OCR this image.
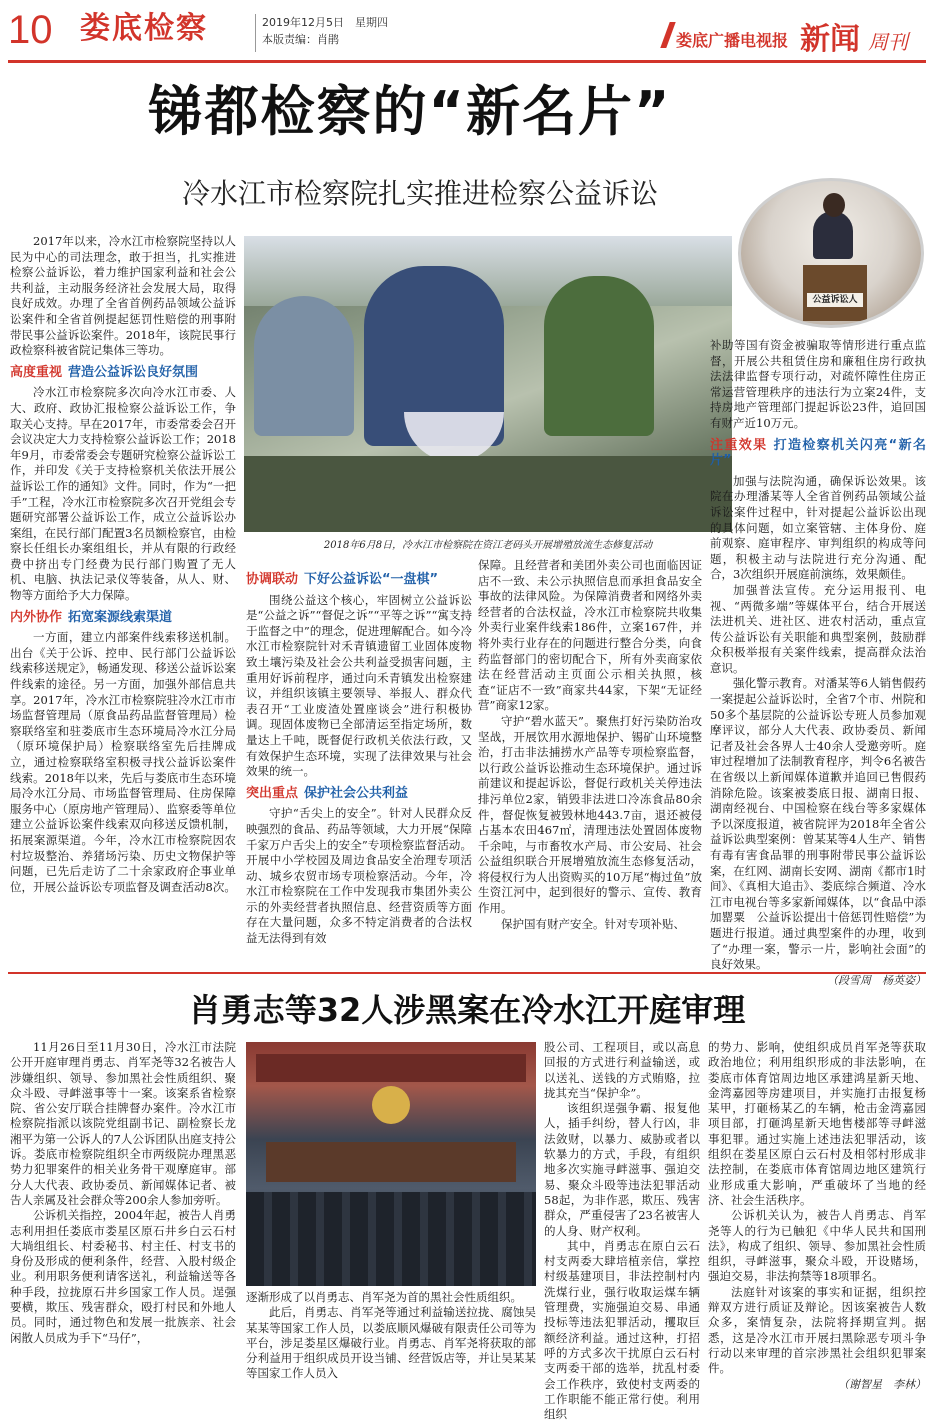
10 娄底检察	2019年12月5日　星期四
本版责编：肖鹃	娄底广播电视报 新闻 周刊
锑都检察的“新名片”
冷水江市检察院扎实推进检察公益诉讼
公益诉讼人
2018年6月8日，冷水江市检察院在资江老码头开展增殖放流生态修复活动

2017年以来，冷水江市检察院坚持以人民为中心的司法理念，敢于担当，扎实推进检察公益诉讼，着力维护国家利益和社会公共利益，主动服务经济社会发展大局，取得良好成效。办理了全省首例药品领域公益诉讼案件和全省首例提起惩罚性赔偿的刑事附带民事公益诉讼案件。2018年，该院民事行政检察科被省院记集体三等功。

高度重视 营造公益诉讼良好氛围

冷水江市检察院多次向冷水江市委、人大、政府、政协汇报检察公益诉讼工作，争取关心支持。早在2017年，市委常委会召开会议决定大力支持检察公益诉讼工作；2018年9月，市委常委会专题研究检察公益诉讼工作，并印发《关于支持检察机关依法开展公益诉讼工作的通知》文件。同时，作为“一把手”工程，冷水江市检察院多次召开党组会专题研究部署公益诉讼工作，成立公益诉讼办案组，在民行部门配置3名员额检察官，由检察长任组长办案组组长，并从有限的行政经费中挤出专门经费为民行部门购置了无人机、电脑、执法记录仪等装备，从人、财、物等方面给予大力保障。

内外协作 拓宽案源线索渠道

一方面，建立内部案件线索移送机制。出台《关于公诉、控申、民行部门公益诉讼线索移送规定》，畅通发现、移送公益诉讼案件线索的途径。另一方面，加强外部信息共享。2017年，冷水江市检察院驻冷水江市市场监督管理局（原食品药品监督管理局）检察联络室和驻娄底市生态环境局冷水江分局（原环境保护局）检察联络室先后挂牌成立，通过检察联络室积极寻找公益诉讼案件线索。2018年以来，先后与娄底市生态环境局冷水江分局、市场监督管理局、住房保障服务中心（原房地产管理局）、监察委等单位建立公益诉讼案件线索双向移送反馈机制，拓展案源渠道。今年，冷水江市检察院因农村垃圾整治、养猪场污染、历史文物保护等问题，已先后走访了二十余家政府企事业单位，开展公益诉讼专项监督及调查活动8次。

协调联动 下好公益诉讼“一盘棋”

围绕公益这个核心，牢固树立公益诉讼是“公益之诉”“督促之诉”“平等之诉”“寓支持于监督之中”的理念，促进理解配合。如今冷水江市检察院针对禾青镇遗留工业固体废物致土壤污染及社会公共利益受损害问题，主重用好诉前程序，通过向禾青镇发出检察建议，并组织该镇主要领导、举报人、群众代表召开“工业废渣处置座谈会”进行积极协调。现固体废物已全部清运至指定场所，数量达上千吨，既督促行政机关依法行政，又有效保护生态环境，实现了法律效果与社会效果的统一。

突出重点 保护社会公共利益

守护“舌尖上的安全”。针对人民群众反映强烈的食品、药品等领域，大力开展“保障千家万户舌尖上的安全”专项检察监督活动。开展中小学校园及周边食品安全治理专项活动、城乡农贸市场专项检察活动。今年，冷水江市检察院在工作中发现我市集团外卖公示的外卖经营者执照信息、经营资质等方面存在大量问题，众多不特定消费者的合法权益无法得到有效

保障。且经营者和美团外卖公司也面临因证店不一致、未公示执照信息而承担食品安全事故的法律风险。为保障消费者和网络外卖经营者的合法权益，冷水江市检察院共收集外卖行业案件线索186件，立案167件，并将外卖行业存在的问题进行整合分类，向食药监督部门的密切配合下，所有外卖商家依法在经营活动主页面公示相关执照，核查“证店不一致”商家共44家，下架“无证经营”商家12家。

守护“碧水蓝天”。聚焦打好污染防治攻坚战，开展饮用水源地保护、锡矿山环境整治，打击非法捕捞水产品等专项检察监督，以行政公益诉讼推动生态环境保护。通过诉前建议和提起诉讼，督促行政机关关停违法排污单位2家，销毁非法进口冷冻食品80余件，督促恢复被毁林地443.7亩，退还被侵占基本农田467㎡，清理违法处置固体废物千余吨，与市畜牧水产局、市公安局、社会公益组织联合开展增殖放流生态修复活动，将侵权行为人出资购买的10万尾“梅过鱼”放生资江河中，起到很好的警示、宣传、教育作用。

保护国有财产安全。针对专项补贴、

补助等国有资金被骗取等情形进行重点监督，开展公共租赁住房和廉租住房行政执法法律监督专项行动，对疏怀障性住房正常运营管理秩序的违法行为立案24件，支持房地产管理部门提起诉讼23件，追回国有财产近10万元。

注重效果 打造检察机关闪亮“新名片”

加强与法院沟通，确保诉讼效果。该院在办理潘某等人全省首例药品领域公益诉讼案件过程中，针对提起公益诉讼出现的具体问题，如立案管辖、主体身份、庭前观察、庭审程序、审判组织的构成等问题，积极主动与法院进行充分沟通、配合，3次组织开展庭前演练，效果颇佳。

加强普法宣传。充分运用报刊、电视、“两微多端”等媒体平台，结合开展送法进机关、进社区、进农村活动，重点宣传公益诉讼有关职能和典型案例，鼓励群众积极举报有关案件线索，提高群众法治意识。

强化警示教育。对潘某等6人销售假药一案提起公益诉讼时，全省7个市、州院和50多个基层院的公益诉讼专班人员参加观摩评议，部分人大代表、政协委员、新闻记者及社会各界人士40余人受邀旁听。庭审过程增加了法制教育程序，判令6名被告在省级以上新闻媒体道歉并追回已售假药消除危险。该案被娄底日报、湖南日报、湖南经视台、中国检察在线台等多家媒体予以深度报道，被省院评为2018年全省公益诉讼典型案例：曾某某等4人生产、销售有毒有害食品罪的刑事附带民事公益诉讼案，在红网、湖南长安网、湖南《都市1时间》、《真相大追击》、娄底综合频道、冷水江市电视台等多家新闻媒体，以“食品中添加罂粟　公益诉讼提出十倍惩罚性赔偿”为题进行报道。通过典型案件的办理，收到了“办理一案，警示一片，影响社会面”的良好效果。

（段雪周　杨英姿）
肖勇志等32人涉黑案在冷水江开庭审理

11月26日至11月30日，冷水江市法院公开开庭审理肖勇志、肖军尧等32名被告人涉嫌组织、领导、参加黑社会性质组织、聚众斗殴、寻衅滋事等十一案。该案系省检察院、省公安厅联合挂牌督办案件。冷水江市检察院指派以该院党组副书记、副检察长龙湘平为第一公诉人的7人公诉团队出庭支持公诉。娄底市检察院组织全市两级院办理黑恶势力犯罪案件的相关业务骨干观摩庭审。部分人大代表、政协委员、新闻媒体记者、被告人亲属及社会群众等200余人参加旁听。

公诉机关指控，2004年起，被告人肖勇志利用担任娄底市娄星区原石井乡白云石村大埫组组长、村委秘书、村主任、村支书的身份及形成的便利条件，经营、入股村级企业。利用职务便利请客送礼，利益输送等各种手段，拉拢原石井乡国家工作人员。逞强要横，欺压、残害群众，殴打村民和外地人员。同时，通过物色和发展一批族亲、社会闲散人员成为手下“马仔”，

逐渐形成了以肖勇志、肖军尧为首的黑社会性质组织。

此后，肖勇志、肖军尧等通过利益输送拉拢、腐蚀吴某某等国家工作人员，以娄底顺风爆破有限责任公司等为平台，涉足娄星区爆破行业。肖勇志、肖军尧将获取的部分利益用于组织成员开设当铺、经营饭店等，并让吴某某等国家工作人员入

股公司、工程项目，或以高息回报的方式进行利益输送，或以送礼、送钱的方式贿赂，拉拢其充当“保护伞”。

该组织逞强争霸、报复他人，插手纠纷，替人行凶，非法敛财，以暴力、威胁或者以软暴力的方式，手段，有组织地多次实施寻衅滋事、强迫交易、聚众斗殴等违法犯罪活动58起，为非作恶，欺压、残害群众，严重侵害了23名被害人的人身、财产权利。

其中，肖勇志在原白云石村支两委大肆培植亲信，掌控村级基建项目，非法控制村内洗煤行业，强行收取运煤车辆管理费，实施强迫交易、串通投标等违法犯罪活动，攫取巨额经济利益。通过这种，打招呼的方式多次干扰原白云石村支两委干部的选举，扰乱村委会工作秩序，致使村支两委的工作职能不能正常行使。利用组织

的势力、影响，使组织成员肖军尧等获取政治地位；利用组织形成的非法影响，在娄底市体育馆周边地区承建鸿星新天地、金湾嘉园等房建项目，并实施打击报复杨某甲，打砸杨某乙的车辆，枪击金湾嘉园项目部，打砸鸿星新天地售楼部等寻衅滋事犯罪。通过实施上述违法犯罪活动，该组织在娄星区原白云石村及相邻村形成非法控制，在娄底市体育馆周边地区建筑行业形成重大影响，严重破坏了当地的经济、社会生活秩序。

公诉机关认为，被告人肖勇志、肖军尧等人的行为已触犯《中华人民共和国刑法》，构成了组织、领导、参加黑社会性质组织，寻衅滋事，聚众斗殴，开设赌场，强迫交易，非法拘禁等18项罪名。

法庭针对该案的事实和证据，组织控辩双方进行质证及辩论。因该案被告人数众多，案情复杂，法院将择期宣判。据悉，这是冷水江市开展扫黑除恶专项斗争行动以来审理的首宗涉黑社会组织犯罪案件。

（谢智星　李林）
